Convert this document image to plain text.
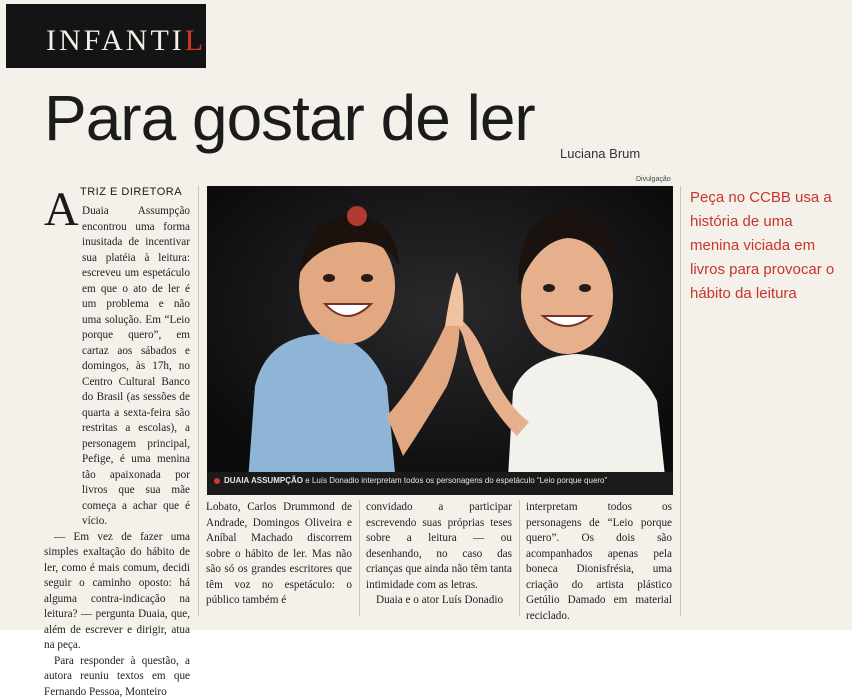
INFANTIL
Para gostar de ler Luciana Brum
Divulgação
A TRIZ E DIRETORA

Duaia Assumpção encontrou uma forma inusitada de incentivar sua platéia à leitura: escreveu um espetáculo em que o ato de ler é um problema e não uma solução. Em “Leio porque quero”, em cartaz aos sábados e domingos, às 17h, no Centro Cultural Banco do Brasil (as sessões de quarta a sexta-feira são restritas a escolas), a personagem principal, Pefige, é uma menina tão apaixonada por livros que sua mãe começa a achar que é vício.

— Em vez de fazer uma simples exaltação do hábito de ler, como é mais comum, decidi seguir o caminho oposto: há alguma contra-indicação na leitura? — pergunta Duaia, que, além de escrever e dirigir, atua na peça.

Para responder à questão, a autora reuniu textos em que Fernando Pessoa, Monteiro

DUAIA ASSUMPÇÃO e Luís Donadio interpretam todos os personagens do espetáculo “Leio porque quero”
Peça no CCBB usa a história de uma menina viciada em livros para provocar o hábito da leitura

Lobato, Carlos Drummond de Andrade, Domingos Oliveira e Aníbal Machado discorrem sobre o hábito de ler. Mas não são só os grandes escritores que têm voz no espetáculo: o público também é

convidado a participar escrevendo suas próprias teses sobre a leitura — ou desenhando, no caso das crianças que ainda não têm tanta intimidade com as letras.

Duaia e o ator Luís Donadio

interpretam todos os personagens de “Leio porque quero”. Os dois são acompanhados apenas pela boneca Dionisfrésia, uma criação do artista plástico Getúlio Damado em material reciclado.
